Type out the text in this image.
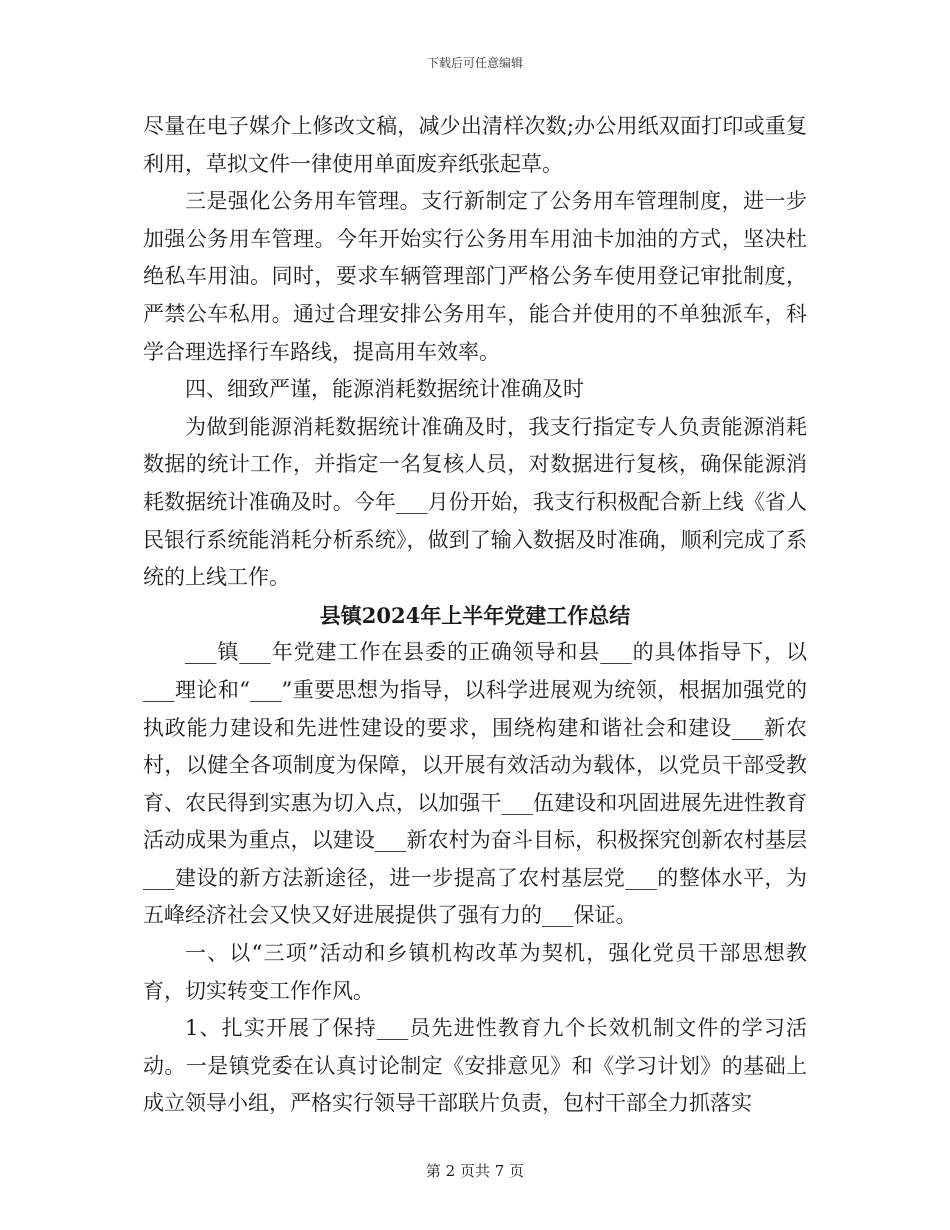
下载后可任意编辑

尽量在电子媒介上修改文稿，减少出清样次数;办公用纸双面打印或重复利用，草拟文件一律使用单面废弃纸张起草。

三是强化公务用车管理。支行新制定了公务用车管理制度，进一步加强公务用车管理。今年开始实行公务用车用油卡加油的方式，坚决杜绝私车用油。同时，要求车辆管理部门严格公务车使用登记审批制度，严禁公车私用。通过合理安排公务用车，能合并使用的不单独派车，科学合理选择行车路线，提高用车效率。

四、细致严谨，能源消耗数据统计准确及时

为做到能源消耗数据统计准确及时，我支行指定专人负责能源消耗数据的统计工作，并指定一名复核人员，对数据进行复核，确保能源消耗数据统计准确及时。今年___月份开始，我支行积极配合新上线《省人民银行系统能消耗分析系统》，做到了输入数据及时准确，顺利完成了系统的上线工作。

县镇2024年上半年党建工作总结

___镇___年党建工作在县委的正确领导和县___的具体指导下，以___理论和“___”重要思想为指导，以科学进展观为统领，根据加强党的执政能力建设和先进性建设的要求，围绕构建和谐社会和建设___新农村，以健全各项制度为保障，以开展有效活动为载体，以党员干部受教育、农民得到实惠为切入点，以加强干___伍建设和巩固进展先进性教育活动成果为重点，以建设___新农村为奋斗目标，积极探究创新农村基层___建设的新方法新途径，进一步提高了农村基层党___的整体水平，为五峰经济社会又快又好进展提供了强有力的___保证。

一、以“三项”活动和乡镇机构改革为契机，强化党员干部思想教育，切实转变工作作风。

1、扎实开展了保持___员先进性教育九个长效机制文件的学习活动。一是镇党委在认真讨论制定《安排意见》和《学习计划》的基础上成立领导小组，严格实行领导干部联片负责，包村干部全力抓落实

第 2 页共 7 页
